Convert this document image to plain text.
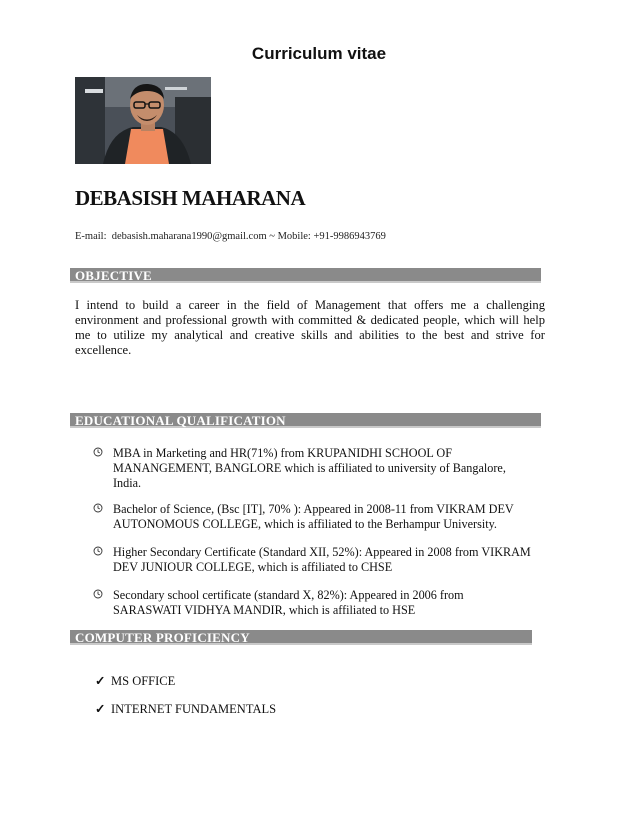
Curriculum vitae
DEBASISH MAHARANA
E-mail: debasish.maharana1990@gmail.com ~ Mobile: +91-9986943769
OBJECTIVE
I intend to build a career in the field of Management that offers me a challenging environment and professional growth with committed & dedicated people, which will help me to utilize my analytical and creative skills and abilities to the best and strive for excellence.
EDUCATIONAL QUALIFICATION
MBA in Marketing and HR(71%) from KRUPANIDHI SCHOOL OF MANANGEMENT, BANGLORE which is affiliated to university of Bangalore, India.
Bachelor of Science, (Bsc [IT], 70% ): Appeared in 2008-11 from VIKRAM DEV AUTONOMOUS COLLEGE, which is affiliated to the Berhampur University.
Higher Secondary Certificate (Standard XII, 52%): Appeared in 2008 from VIKRAM DEV JUNIOUR COLLEGE, which is affiliated to CHSE
Secondary school certificate (standard X, 82%): Appeared in 2006 from SARASWATI VIDHYA MANDIR, which is affiliated to HSE
COMPUTER PROFICIENCY
✓ MS OFFICE
✓ INTERNET FUNDAMENTALS
